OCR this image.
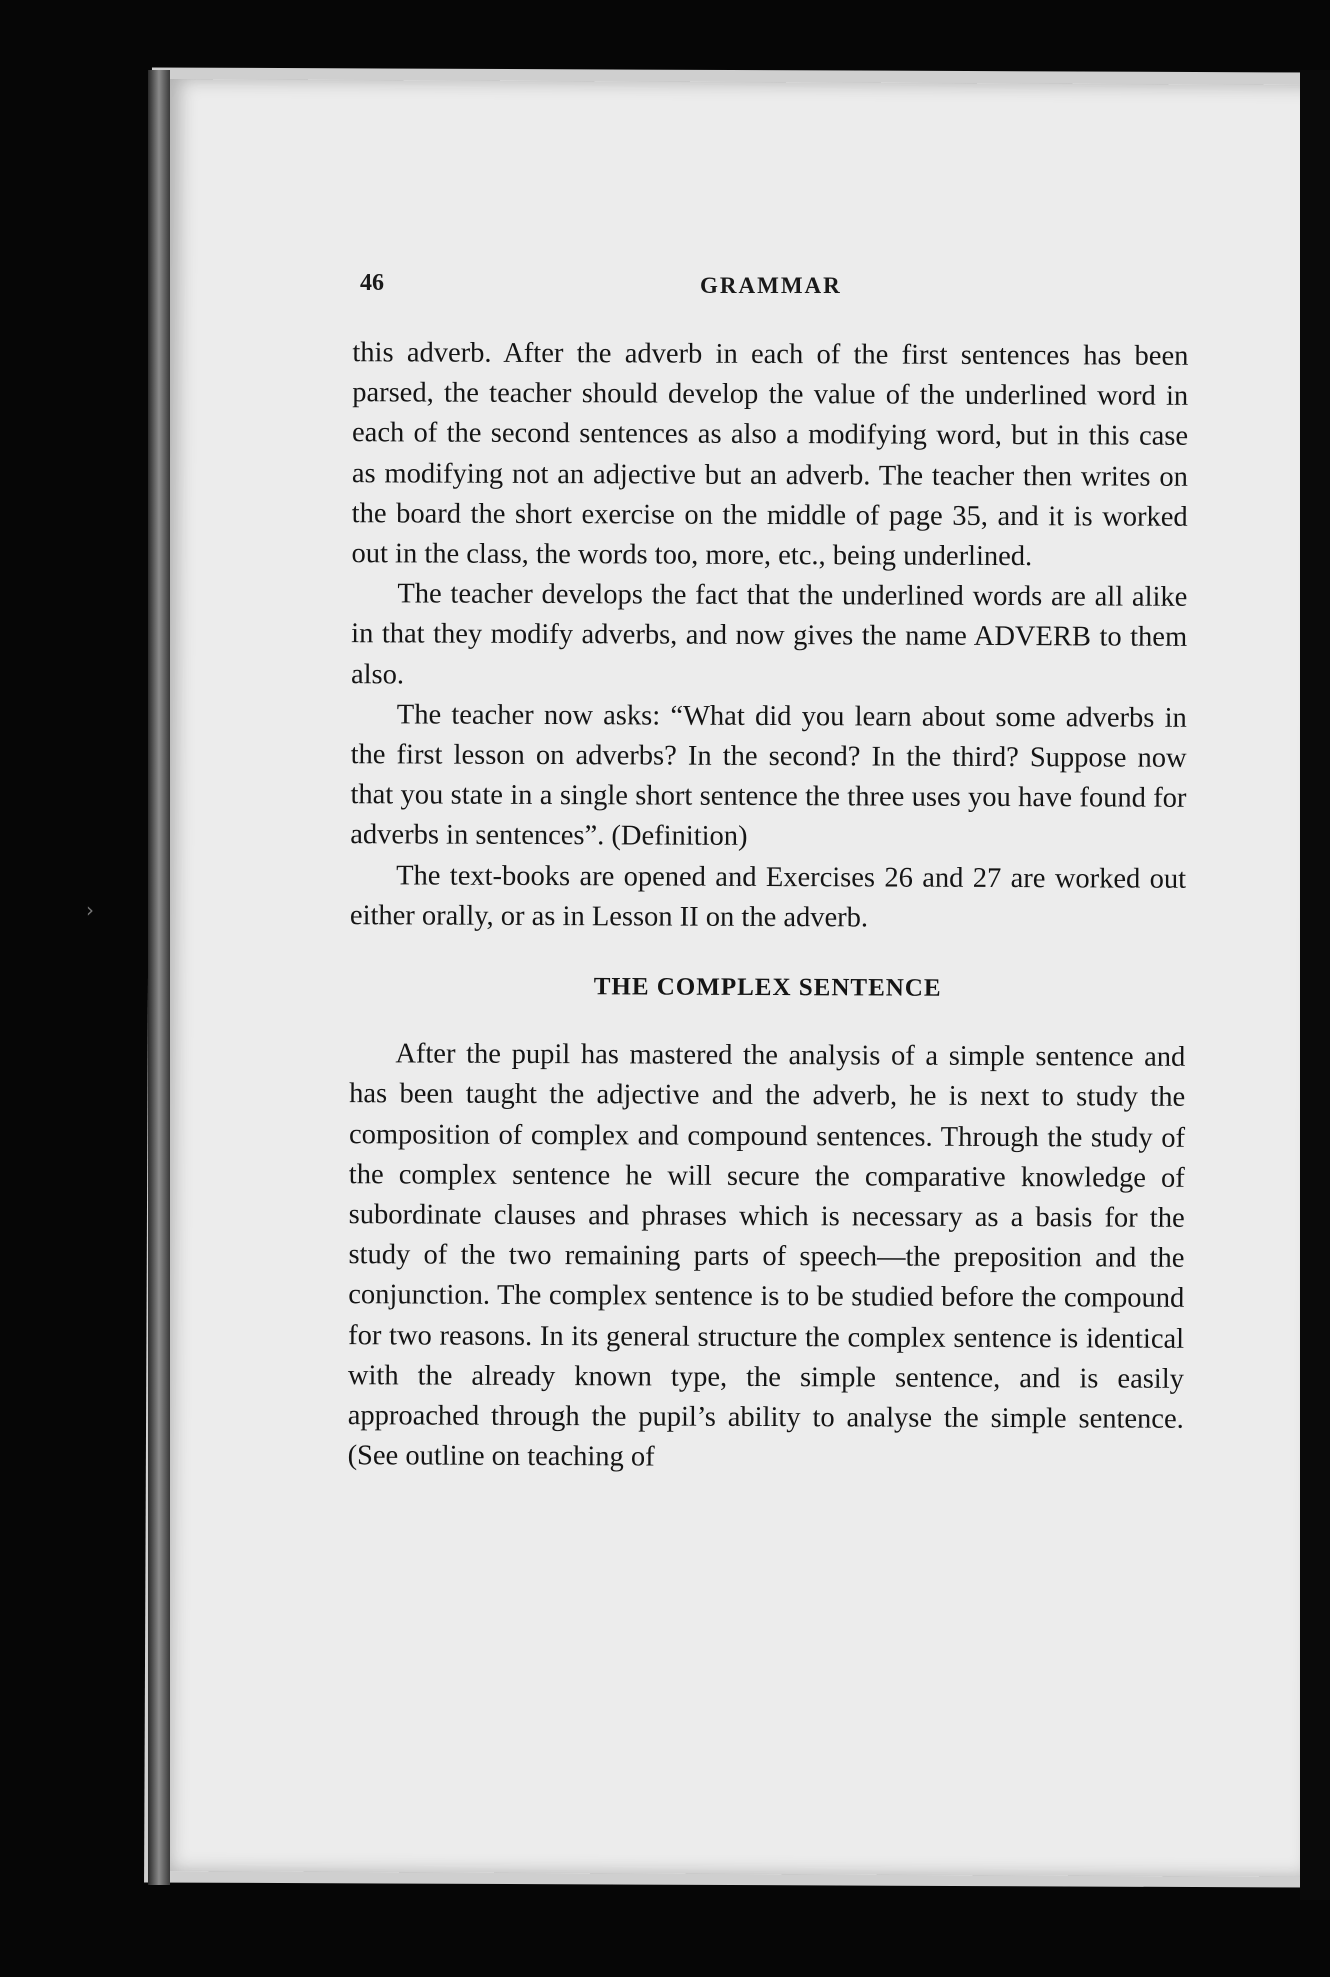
46	GRAMMAR

this adverb. After the adverb in each of the first sentences has been parsed, the teacher should develop the value of the underlined word in each of the second sentences as also a modifying word, but in this case as modifying not an adjective but an adverb. The teacher then writes on the board the short exercise on the middle of page 35, and it is worked out in the class, the words too, more, etc., being underlined.

The teacher develops the fact that the underlined words are all alike in that they modify adverbs, and now gives the name ADVERB to them also.

The teacher now asks: “What did you learn about some adverbs in the first lesson on adverbs? In the second? In the third? Suppose now that you state in a single short sentence the three uses you have found for adverbs in sentences”. (Definition)

The text-books are opened and Exercises 26 and 27 are worked out either orally, or as in Lesson II on the adverb.

THE COMPLEX SENTENCE

After the pupil has mastered the analysis of a simple sentence and has been taught the adjective and the adverb, he is next to study the composition of complex and compound sentences. Through the study of the complex sentence he will secure the comparative knowledge of subordinate clauses and phrases which is necessary as a basis for the study of the two remaining parts of speech—the preposition and the conjunction. The complex sentence is to be studied before the compound for two reasons. In its general structure the complex sentence is identical with the already known type, the simple sentence, and is easily approached through the pupil’s ability to analyse the simple sentence. (See outline on teaching of

›
